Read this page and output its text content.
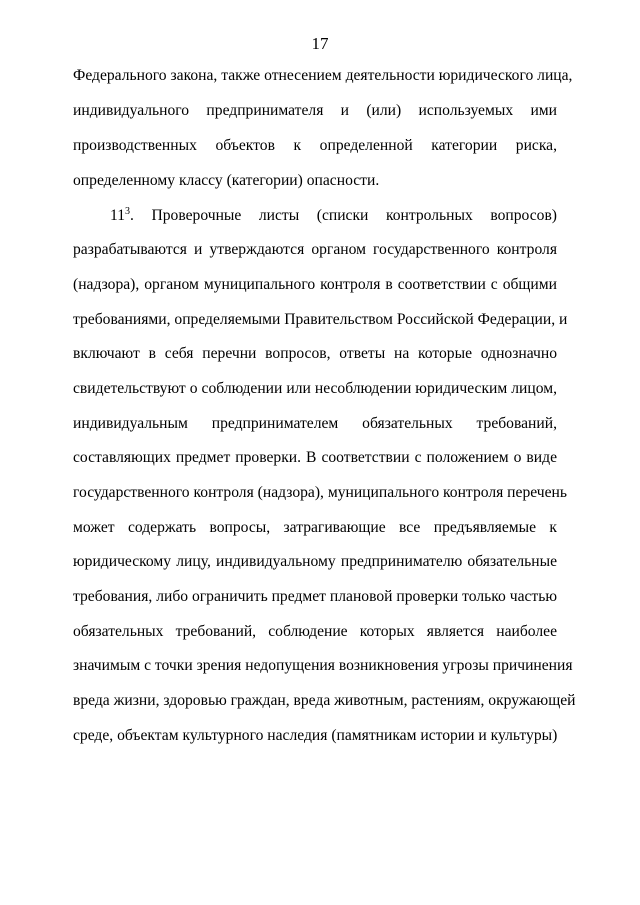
17
Федерального закона, также отнесением деятельности юридического лица,
индивидуального предпринимателя и (или) используемых ими
производственных объектов к определенной категории риска,
определенному классу (категории) опасности.
$11^3$. Проверочные листы (списки контрольных вопросов)
разрабатываются и утверждаются органом государственного контроля
(надзора), органом муниципального контроля в соответствии с общими
требованиями, определяемыми Правительством Российской Федерации, и
включают в себя перечни вопросов, ответы на которые однозначно
свидетельствуют о соблюдении или несоблюдении юридическим лицом,
индивидуальным предпринимателем обязательных требований,
составляющих предмет проверки. В соответствии с положением о виде
государственного контроля (надзора), муниципального контроля перечень
может содержать вопросы, затрагивающие все предъявляемые к
юридическому лицу, индивидуальному предпринимателю обязательные
требования, либо ограничить предмет плановой проверки только частью
обязательных требований, соблюдение которых является наиболее
значимым с точки зрения недопущения возникновения угрозы причинения
вреда жизни, здоровью граждан, вреда животным, растениям, окружающей
среде, объектам культурного наследия (памятникам истории и культуры)
